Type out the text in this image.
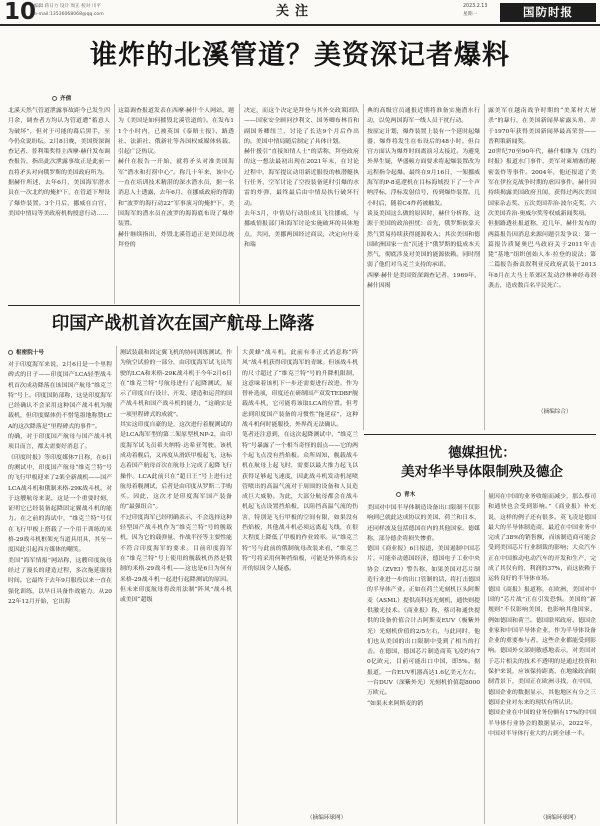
10
编辑 蒋日力 设计 周正 校对 川平
e-mail:13536068068@qq.com	关注	2023.2.13
星期一	国防时报
谁炸的北溪管道？美资深记者爆料
齐倩

北溪天然气管道泄露事故距今已发生四月余，调查者方均认为管道遭“蓄意人为破坏”，但对于可能的幕后黑手，至今仍众说纷纭。2月8日晚，美国资深调查记者、普利策奖得主西摩·赫什发布调查报告，指出此次泄露事故正是此前一直将矛头对向俄罗斯的美国政府所为。

据赫什所述，去年6月，美国海军潜水员在一次北约的掩护下，在管道下埋设了爆炸装置。3个月后，挪威在白宫、美国中情局等美政府机构授意行动……

这篇调查报道发表在西摩·赫什个人网站，题为《美国是如何摧毁北溪管道的》。在发布11个小时内，已被英国《泰晤士报》、路透社、法新社、俄新社等各国权威媒体转载、引起广泛热议。

赫什在报告一开始，就将矛头对准美国海军“潜水和打捞中心”。称几十年来，该中心一直在培训技术精湛的深水潜水员，据一名消息人士透露，去年6月，在挪威政府的帮助和“波罗的海行动22”军事演习的掩护下，美国海军的潜水员在波罗的海海底布设了爆炸装置。

赫什继续指出，炸毁北溪管道正是美国总统拜登的

决定，而这个决定是拜登与其外交政策团队——国家安全顾问沙利文、国务卿布林肯和副国务卿纽兰，讨论了长达9个月后作出的。美国中情局随后制定了具体计划。

赫什援引“直接知情人士”的话称，拜登政府的这一想法最初出现在2021年末，在讨论过程中，海军提议动用新近服役的核潜艇执行任务，空军讨论了空投装备延时引爆的水雷的炸弹，最终最后由中情局执行破坏行动。

去年3月，中情局行动组成员飞往挪威，与挪威情报部门和海军讨论实施破坏的具体地点，共同，美挪两国经过商议，决定向丹麦和瑞

典的高级官员通报近期将准备实施潜水行动，以免两国海军一线人员干扰行动。

按原定计划，爆炸装置上装有一个延时起爆器，爆炸将发生在布设后的48小时。但白宫方面认为爆炸时间离演习太接近。为避免外界生疑，华盛顿方面要求将起爆装置改为远程指令起爆。最终在9月16日，一架挪威海军的P-8巡逻机在目标海域投下了一个声呐浮标，浮标发射信号，传到爆炸装置。几小时后，随着C4炸药被触发。

谈及美国这么做的原因时，赫什分析称，这源于美国的政治担忧：首先，俄罗斯依靠天然气贸易持续获得能源收入；其次美国和德国欧洲国家一直“沉迷于”俄罗斯的低成本天然气，彻底涉及对美国的能源依赖。同时削弱了他们对乌克兰支持的承诺。

西摩·赫什是美国资深调查记者，1969年，赫什因揭

露美军在越南战争时期的“美莱村大屠杀”的暴行，在美国新闻界崭露头角，并于1970年获得美国新闻界最高荣誉——普利策新闻奖。

20世纪70至90年代，赫什相继为《纽约时报》报道水门事件、美军对柬埔寨的秘密轰炸等事件。2004年，他还报道了美军在伊拉克战争时期的虐囚事件。赫什因持续揭露美国政府丑闻，获得过两次美国国家杂志奖、五次美国乔治·波尔克奖、六次美国乔治·奥威尔奖等权威新闻奖项。

但据路透社报道称，近几年，赫什发布的两篇报告因消息来源问题引发争议：第一篇报告质疑奥巴马政府关于2011年击毙“基地”组织创始人本·拉登的说法；第二篇报告指责叙利亚反政府武装于2013年8月在大马士革郊区发动沙林神经毒剂袭击，造成数百名平民死亡。

（摘编综合）
印国产战机首次在国产航母上降落
枢密院十号

对于印度海军来说，2月6日是一个里程碑式的日子——印度国产LCA轻型战斗机首次成功降落在该国国产航母“维克兰特”号上。印度国防部称，这是印度海军已经确认不会采用这种国产战斗机为舰载机，但印度媒体仍不惜笔墨地称赞LCA的这次降落是“里程碑式的事件”。

的确，对于印度国产航母与国产战斗机项目而言，都太需要好消息了。

《印度时报》等印度媒体7日称，在6日的测试中，印度国产航母“维克兰特”号的飞行甲板迎来了2架全新战机——国产LCA战斗机和俄制米格-29K战斗机。对于这艘航母来说，这是一个重要时刻，证明它已经装备起降固定翼战斗机的能力。在之前的海试中，“维克兰特”号仅在飞行甲板上搭载了一个用于训练的米格-29战斗机框架充当道具用具，其至一度因此引起西方媒体的嘲笑。

美国“海军情报”网站称，这艘印度航母经过了漫长的建造过程，多次拖延服役时间。它最终于去年9月服役以来一直在强化训练，以早日具备作战能力。从2022年12月开始，它出海

测试装载和固定翼飞机的协同训练测试。作为航空试验的一部分，由印度海军试飞员驾驶的LCA和米格-29K战斗机于今年2月6日在“维克兰特”号航母进行了起降测试，展示了印度自行设计、开发、建造和运营的国产战斗机和国产战斗机的能力，“这确实是一项里程碑式的成就”。

其实这印度自豪的是，这次进行着舰测试的是LCA海军型的第二架原型机NP-2，由印度海军试飞员希夫纳特·达希亚驾驶。该机成功着舰后，又再度从滑跃甲板起飞，这标志着国产航母首次在航母上完成了起降飞行操作。LCA此前只在“超日王”号上进行过航母着舰测试，后者是由印度从罗斯二手购买。因此，这次才是印度海军国产装备的“最强组合”。

不过印度海军已经明确表示，不会选择这种轻型国产战斗机作为“维克兰特”号的舰载机，因为它的载弹量、作战半径等主要性能不符合印度海军的要求。目前印度海军在“维克兰特”号上使用的舰载机仍然是俄制的米格-29战斗机——这也是6日为何有米格-29战斗机一起进行起降测试的原因。但未来印度航母将改用法制“阵风”战斗机或美国“超级

大黄蜂”战斗机。此前有非正式消息称“阵风”战斗机获得印度海军的青睐。但该战斗机的尺寸超过了“维克兰特”号的升降机限制，这意味着该机下一步还需要进行改进。作为替补选项，印度还在研制国产双发TEDBF舰载战斗机，它可能将该取LCA的位置。但考虑到印度国产装备的习惯性“拖延症”，这种战斗机何时能服役，外界尚无法确认。

笔者还注意到，在这次起降测试中，“维克兰特”号暴露了一个相当奇怪的弱点——它的两个起飞点没有挡焰板。众所周知，舰载战斗机在航母上起飞时，需要以最大推力起飞以获得足够起飞速度，因此战斗机发动机尾喷管喷出的高温气流对于周围的设备和人员造成巨大威胁。为此，大部分航母都会在战斗机起飞点设置挡焰板，以阻挡高温气流的伤害，特别是飞行甲板的空间有限，如果没有挡焰板，其他战斗机必须远离起飞线，在很大程度上降低了甲板的作业效率。从“维克兰特”号与此前的俄制航母改装来看，“维克兰特”号将采用何种挡焰板，可能是外界尚未公开的原因令人疑惑。

（摘编环球网）
德媒担忧：
美对华半导体限制殃及德企
青木

美国对中国半导体制造设备出口限制不仅影响到已就此达成协议的美国、荷兰和日本，还同样波及包括德国在内的其他国家。德媒称，部分德企将损失惨重。

德国《商业报》6日报道，美国遏制中国芯片，可能牵动德国经济，德国电子工业中央协会（ZVEI）警告称，如果美国对芯片制造行业进一步的出口管制的话，将打击德国的半导体产业。正如在荷兰光刻机巨头阿斯麦（ASML）提供高科技光刻机，通快则提供激光技术。《商业报》称，蔡司和通快提供的设备价值合计占阿斯麦EUV（极紫外光）光刻机价值的2/5左右，与此同时，他们也从美国的出口限制中受到了相当的打击。在德国，德国芯片制造商英飞凌约有70亿欧元，目前可能出口中国，即5%。据报道，一台EUV机器高达1.6亿美元左右。一台DUV（深紫外光）光刻机价值超8000万欧元。

“如果未来阿斯麦的销

量因在中国的业务收缩而减少，那么蔡司和通快也会受到影响。”《商业报》补充说，这样的例子还有很多。英飞凌是德国最大的半导体制造商，最近在中国业务中完成了38%的销售额，而该制造商可能会受到美国芯片行业制裁的影响；大众汽车正在中国推动电动汽车的开发和生产，完成了其仅有的，利润的37%，而这依赖于运转良好的半导体市场。

德国《商报》报道称，在欧洲，美国对中国的“芯片战”正在引发恐惧。美国的“新规则”不仅影响美国，也影响其他国家，例如德国和荷兰。德国联邦政府、德国企业家和中国半导体企业，作为半导体设备企业的重要参与者，这些企业都能受到影响。德国外交部则敏感地表示，对美国对于芯片相关的技术不透明的是通过投资和保护来说，应该保持距离，在地缘政治限制背景下，美国正在欧洲寻找，在中国，德国企业的数据显示，其他地区有分之三德国企业对东来的现状有所认识。

德国企业在中国的业务份额有17%的中国半导体行业协会的数据显示，2022年，中国对半导体行业大约占到全球一半。

（摘编环球网）
